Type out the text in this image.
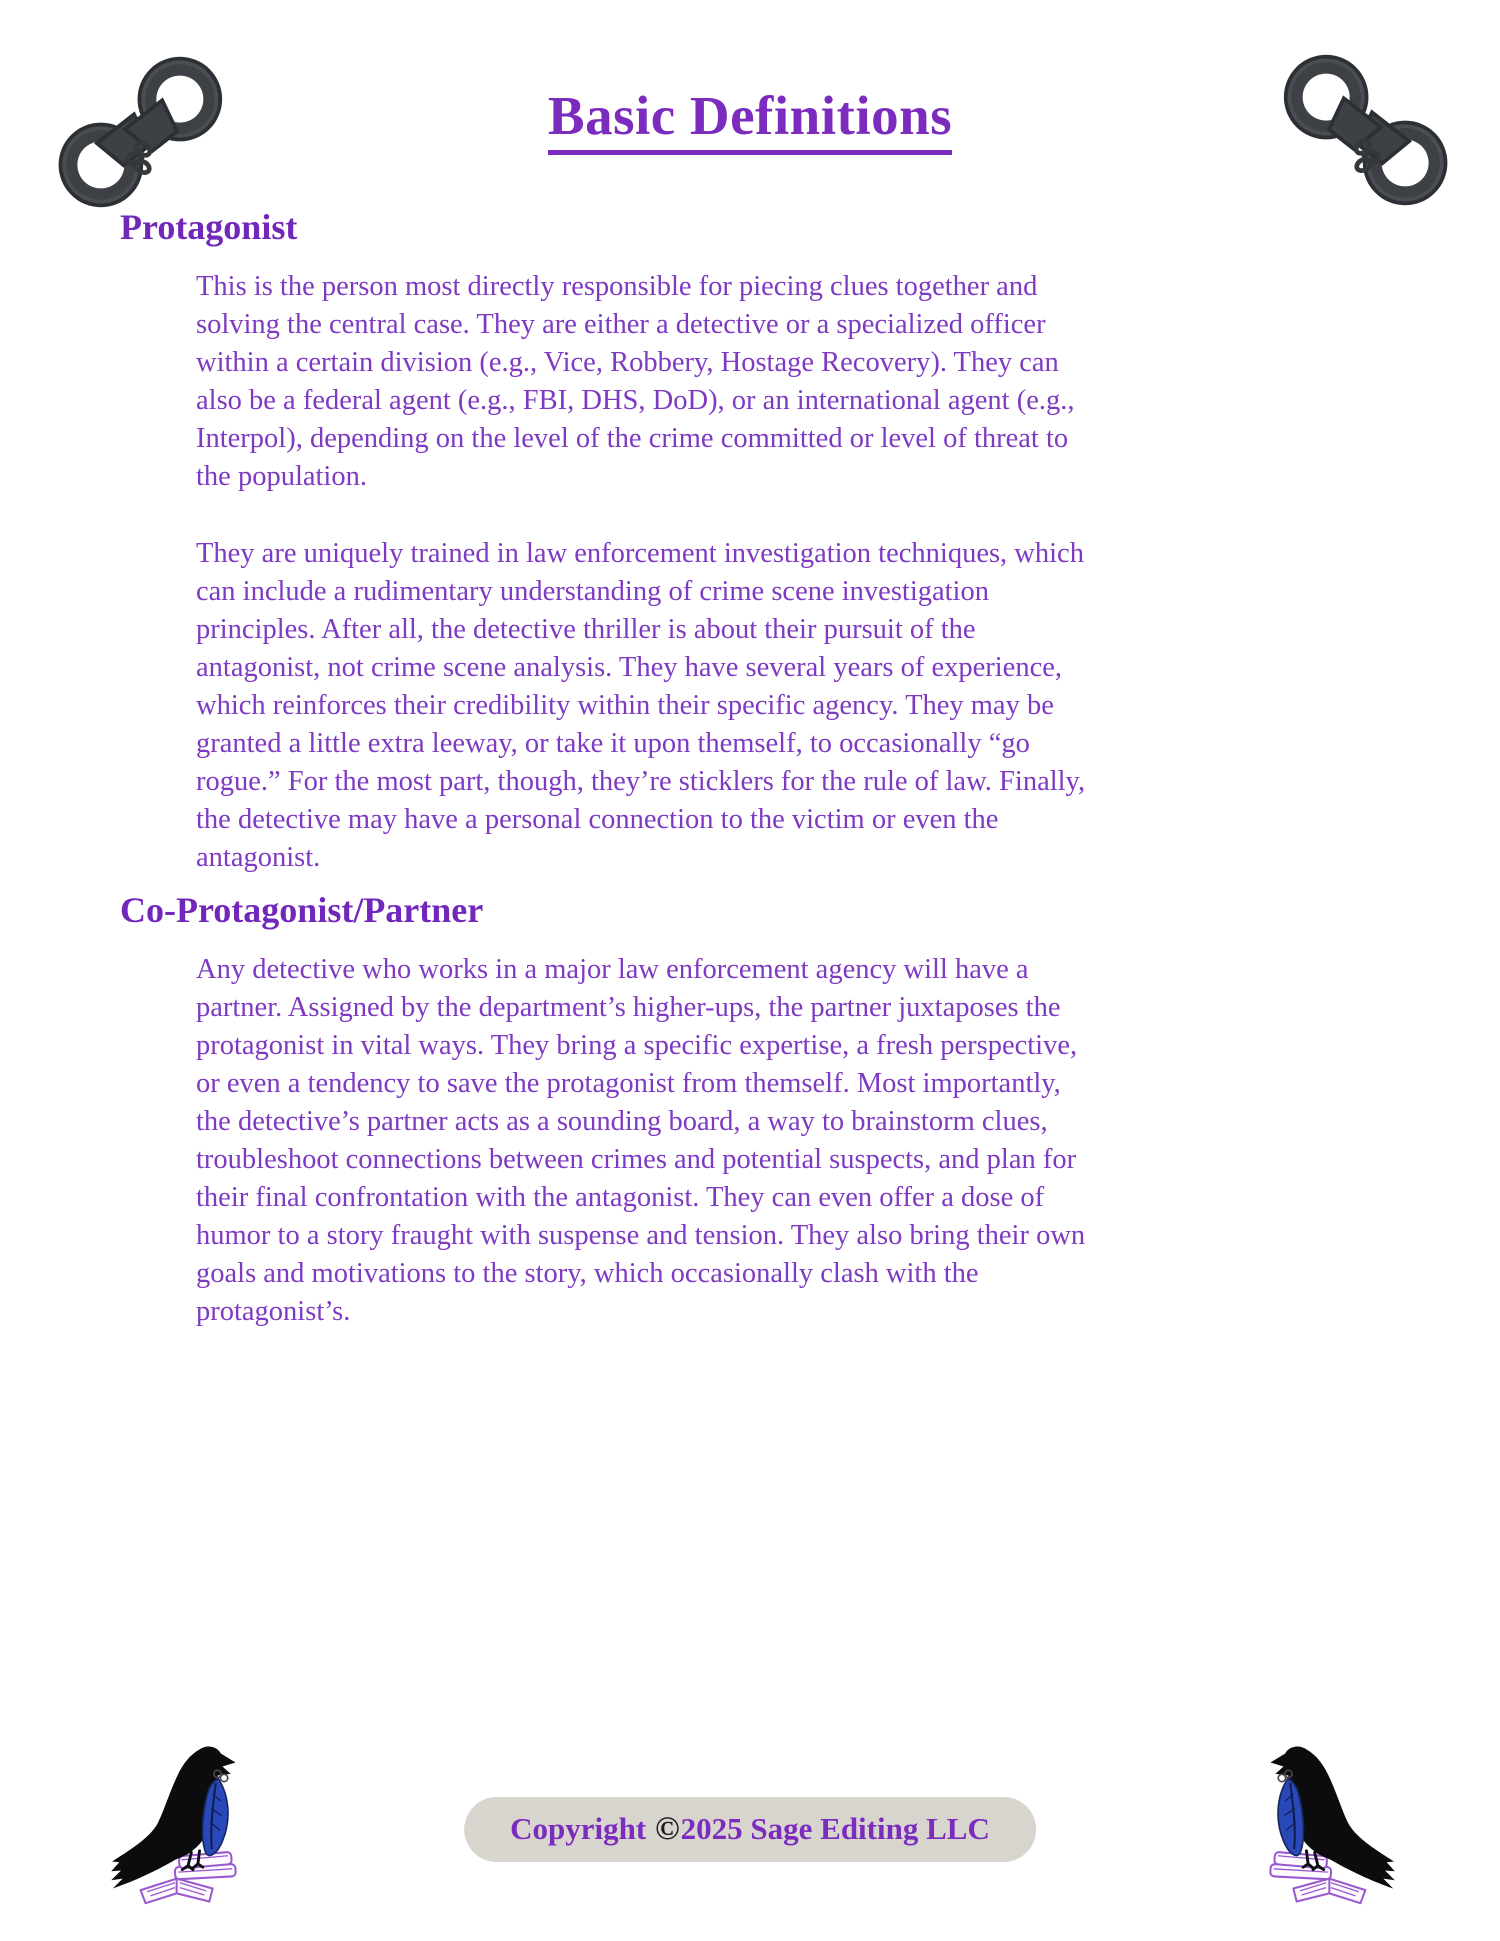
Basic Definitions
Protagonist

This is the person most directly responsible for piecing clues together and solving the central case. They are either a detective or a specialized officer within a certain division (e.g., Vice, Robbery, Hostage Recovery). They can also be a federal agent (e.g., FBI, DHS, DoD), or an international agent (e.g., Interpol), depending on the level of the crime committed or level of threat to the population.

They are uniquely trained in law enforcement investigation techniques, which can include a rudimentary understanding of crime scene investigation principles. After all, the detective thriller is about their pursuit of the antagonist, not crime scene analysis. They have several years of experience, which reinforces their credibility within their specific agency. They may be granted a little extra leeway, or take it upon themself, to occasionally “go rogue.” For the most part, though, they’re sticklers for the rule of law. Finally, the detective may have a personal connection to the victim or even the antagonist.

Co-Protagonist/Partner

Any detective who works in a major law enforcement agency will have a partner. Assigned by the department’s higher-ups, the partner juxtaposes the protagonist in vital ways. They bring a specific expertise, a fresh perspective, or even a tendency to save the protagonist from themself. Most importantly, the detective’s partner acts as a sounding board, a way to brainstorm clues, troubleshoot connections between crimes and potential suspects, and plan for their final confrontation with the antagonist. They can even offer a dose of humor to a story fraught with suspense and tension. They also bring their own goals and motivations to the story, which occasionally clash with the protagonist’s.

Copyright ©2025 Sage Editing LLC
